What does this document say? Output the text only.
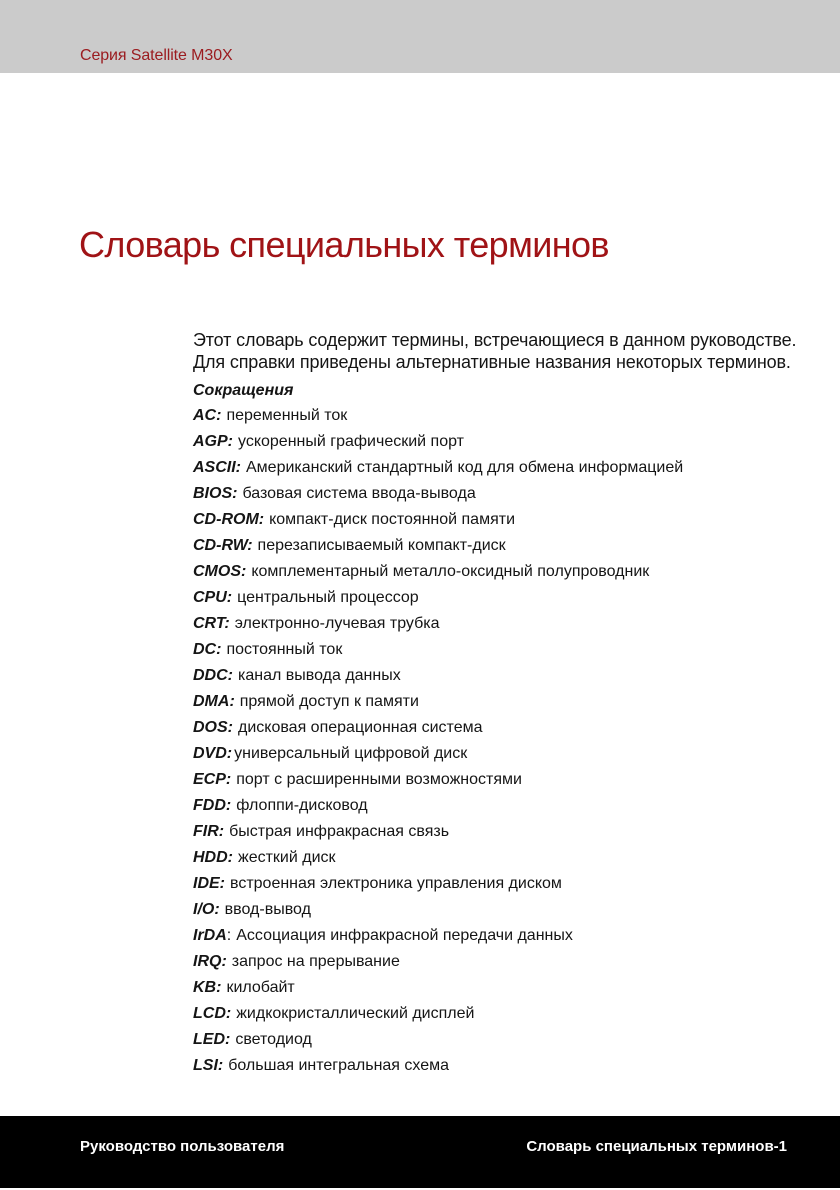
Серия Satellite M30X
Словарь специальных терминов

Этот словарь содержит термины, встречающиеся в данном руководстве. Для справки приведены альтернативные названия некоторых терминов.

Сокращения
AC: переменный ток
AGP: ускоренный графический порт
ASCII: Американский стандартный код для обмена информацией
BIOS: базовая система ввода-вывода
CD-ROM: компакт-диск постоянной памяти
CD-RW: перезаписываемый компакт-диск
CMOS: комплементарный металло-оксидный полупроводник
CPU: центральный процессор
CRT: электронно-лучевая трубка
DC: постоянный ток
DDC: канал вывода данных
DMA: прямой доступ к памяти
DOS: дисковая операционная система
DVD: универсальный цифровой диск
ECP: порт с расширенными возможностями
FDD: флоппи-дисковод
FIR: быстрая инфракрасная связь
HDD: жесткий диск
IDE: встроенная электроника управления диском
I/O: ввод-вывод
IrDA: Ассоциация инфракрасной передачи данных
IRQ: запрос на прерывание
KB: килобайт
LCD: жидкокристаллический дисплей
LED: светодиод
LSI: большая интегральная схема
Руководство пользователя	Словарь специальных терминов-1
